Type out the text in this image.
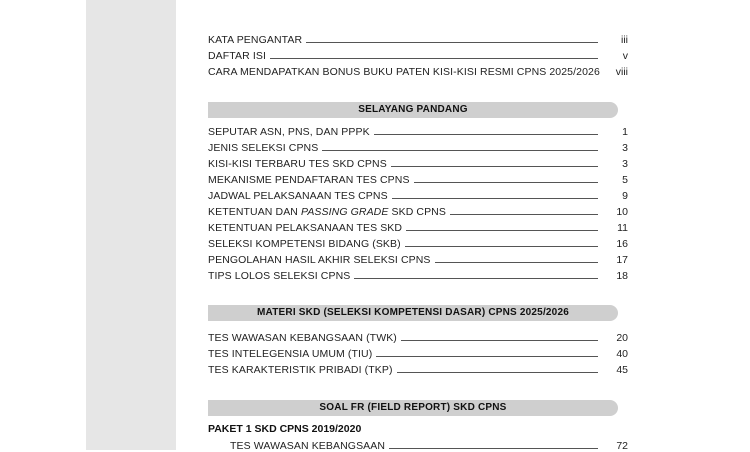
KATA PENGANTAR	iii
DAFTAR ISI	v
CARA MENDAPATKAN BONUS BUKU PATEN KISI-KISI RESMI CPNS 2025/2026	viii
SELAYANG PANDANG
SEPUTAR ASN, PNS, DAN PPPK	1
JENIS SELEKSI CPNS	3
KISI-KISI TERBARU TES SKD CPNS	3
MEKANISME PENDAFTARAN TES CPNS	5
JADWAL PELAKSANAAN TES CPNS	9
KETENTUAN DAN PASSING GRADE SKD CPNS	10
KETENTUAN PELAKSANAAN TES SKD	11
SELEKSI KOMPETENSI BIDANG (SKB)	16
PENGOLAHAN HASIL AKHIR SELEKSI CPNS	17
TIPS LOLOS SELEKSI CPNS	18
MATERI SKD (SELEKSI KOMPETENSI DASAR) CPNS 2025/2026
TES WAWASAN KEBANGSAAN (TWK)	20
TES INTELEGENSIA UMUM (TIU)	40
TES KARAKTERISTIK PRIBADI (TKP)	45
SOAL FR (FIELD REPORT) SKD CPNS
PAKET 1 SKD CPNS 2019/2020
TES WAWASAN KEBANGSAAN	72
